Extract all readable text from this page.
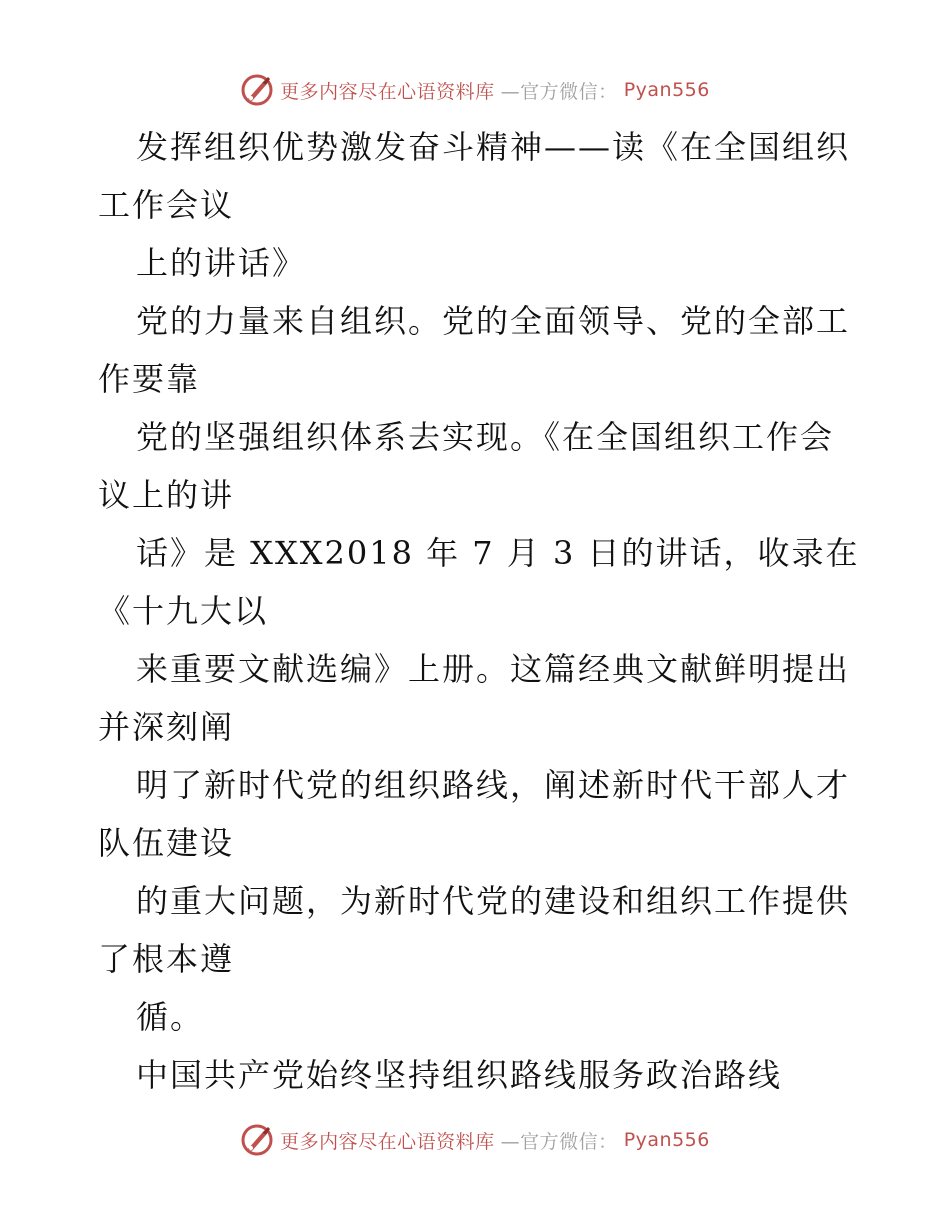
更多内容尽在心语资料库 —官方微信： Pyan556
发挥组织优势激发奋斗精神——读《在全国组织
工作会议
上的讲话》
党的力量来自组织。党的全面领导、党的全部工
作要靠
党的坚强组织体系去实现。《在全国组织工作会
议上的讲
话》是 XXX2018 年 7 月 3 日的讲话，收录在
《十九大以
来重要文献选编》上册。这篇经典文献鲜明提出
并深刻阐
明了新时代党的组织路线，阐述新时代干部人才
队伍建设
的重大问题，为新时代党的建设和组织工作提供
了根本遵
循。
中国共产党始终坚持组织路线服务政治路线
更多内容尽在心语资料库 —官方微信： Pyan556
